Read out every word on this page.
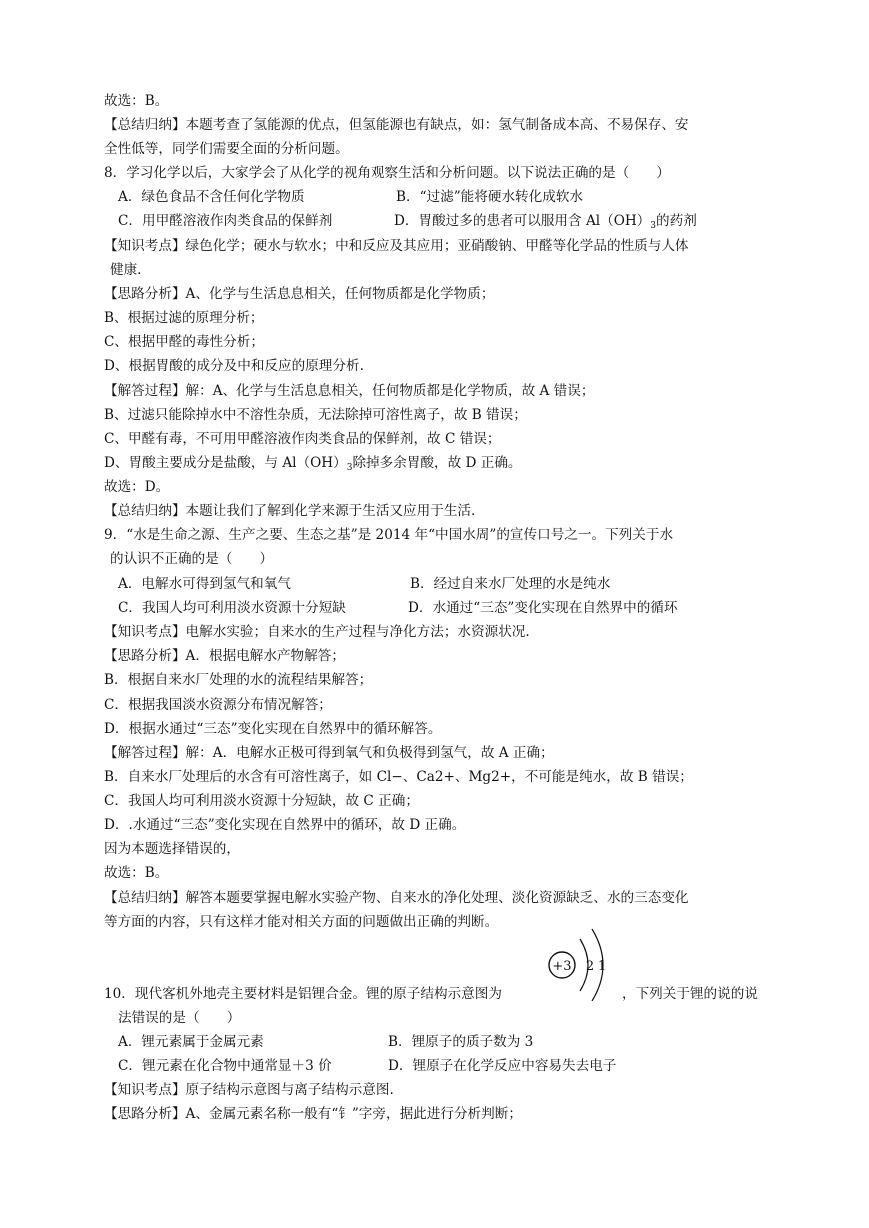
故选：B。
【总结归纳】本题考查了氢能源的优点，但氢能源也有缺点，如：氢气制备成本高、不易保存、安
全性低等，同学们需要全面的分析问题。
8．学习化学以后，大家学会了从化学的视角观察生活和分析问题。以下说法正确的是（　　）
A．绿色食品不含任何化学物质	B．“过滤”能将硬水转化成软水
C．用甲醛溶液作肉类食品的保鲜剂	D．胃酸过多的患者可以服用含 $Al(OH)_3$的药剂
【知识考点】绿色化学；硬水与软水；中和反应及其应用；亚硝酸钠、甲醛等化学品的性质与人体
健康.
【思路分析】A、化学与生活息息相关，任何物质都是化学物质；
B、根据过滤的原理分析；
C、根据甲醛的毒性分析；
D、根据胃酸的成分及中和反应的原理分析.
【解答过程】解：A、化学与生活息息相关，任何物质都是化学物质，故 A 错误；
B、过滤只能除掉水中不溶性杂质，无法除掉可溶性离子，故 B 错误；
C、甲醛有毒，不可用甲醛溶液作肉类食品的保鲜剂，故 C 错误；
D、胃酸主要成分是盐酸，与 $Al(OH)_3$除掉多余胃酸，故 D 正确。
故选：D。
【总结归纳】本题让我们了解到化学来源于生活又应用于生活.
9．“水是生命之源、生产之要、生态之基”是 2014 年“中国水周”的宣传口号之一。下列关于水
的认识不正确的是（　　）
A．电解水可得到氢气和氧气	B．经过自来水厂处理的水是纯水
C．我国人均可利用淡水资源十分短缺	D．水通过“三态”变化实现在自然界中的循环
【知识考点】电解水实验；自来水的生产过程与净化方法；水资源状况.
【思路分析】A．根据电解水产物解答；
B．根据自来水厂处理的水的流程结果解答；
C．根据我国淡水资源分布情况解答；
D．根据水通过“三态”变化实现在自然界中的循环解答。
【解答过程】解：A．电解水正极可得到氧气和负极得到氢气，故 A 正确；
B．自来水厂处理后的水含有可溶性离子，如 Cl−、Ca2+、Mg2+，不可能是纯水，故 B 错误；
C．我国人均可利用淡水资源十分短缺，故 C 正确；
D．.水通过“三态”变化实现在自然界中的循环，故 D 正确。
因为本题选择错误的，
故选：B。
【总结归纳】解答本题要掌握电解水实验产物、自来水的净化处理、淡化资源缺乏、水的三态变化
等方面的内容，只有这样才能对相关方面的问题做出正确的判断。
+3 2 1
10．现代客机外地壳主要材料是铝锂合金。锂的原子结构示意图为	，下列关于锂的说的说
法错误的是（　　）
A．锂元素属于金属元素	B．锂原子的质子数为 3
C．锂元素在化合物中通常显＋3 价	D．锂原子在化学反应中容易失去电子
【知识考点】原子结构示意图与离子结构示意图.
【思路分析】A、金属元素名称一般有“钅”字旁，据此进行分析判断；
